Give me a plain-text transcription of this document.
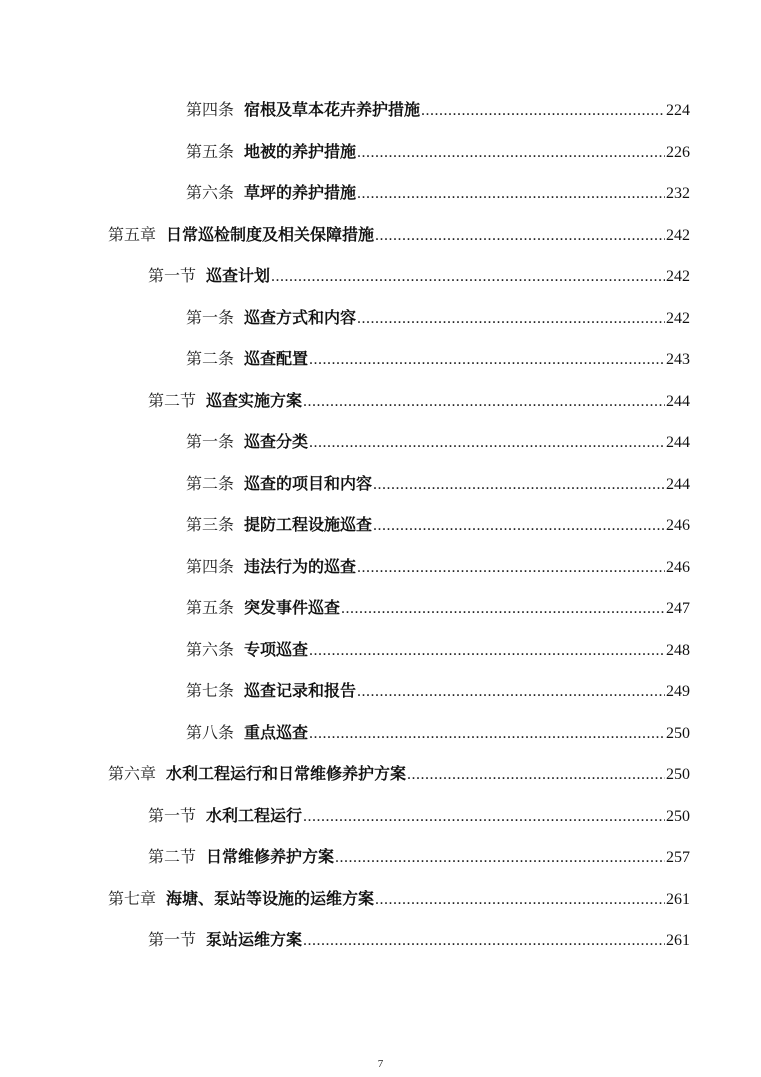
第四条 宿根及草本花卉养护措施 .....	224
第五条 地被的养护措施 .....	226
第六条 草坪的养护措施 .....	232
第五章 日常巡检制度及相关保障措施 .....	242
第一节 巡查计划 .....	242
第一条 巡查方式和内容 .....	242
第二条 巡查配置 .....	243
第二节 巡查实施方案 .....	244
第一条 巡查分类 .....	244
第二条 巡查的项目和内容 .....	244
第三条 提防工程设施巡查 .....	246
第四条 违法行为的巡查 .....	246
第五条 突发事件巡查 .....	247
第六条 专项巡查 .....	248
第七条 巡查记录和报告 .....	249
第八条 重点巡查 .....	250
第六章 水利工程运行和日常维修养护方案 .....	250
第一节 水利工程运行 .....	250
第二节 日常维修养护方案 .....	257
第七章 海塘、泵站等设施的运维方案 .....	261
第一节 泵站运维方案 .....	261
7
